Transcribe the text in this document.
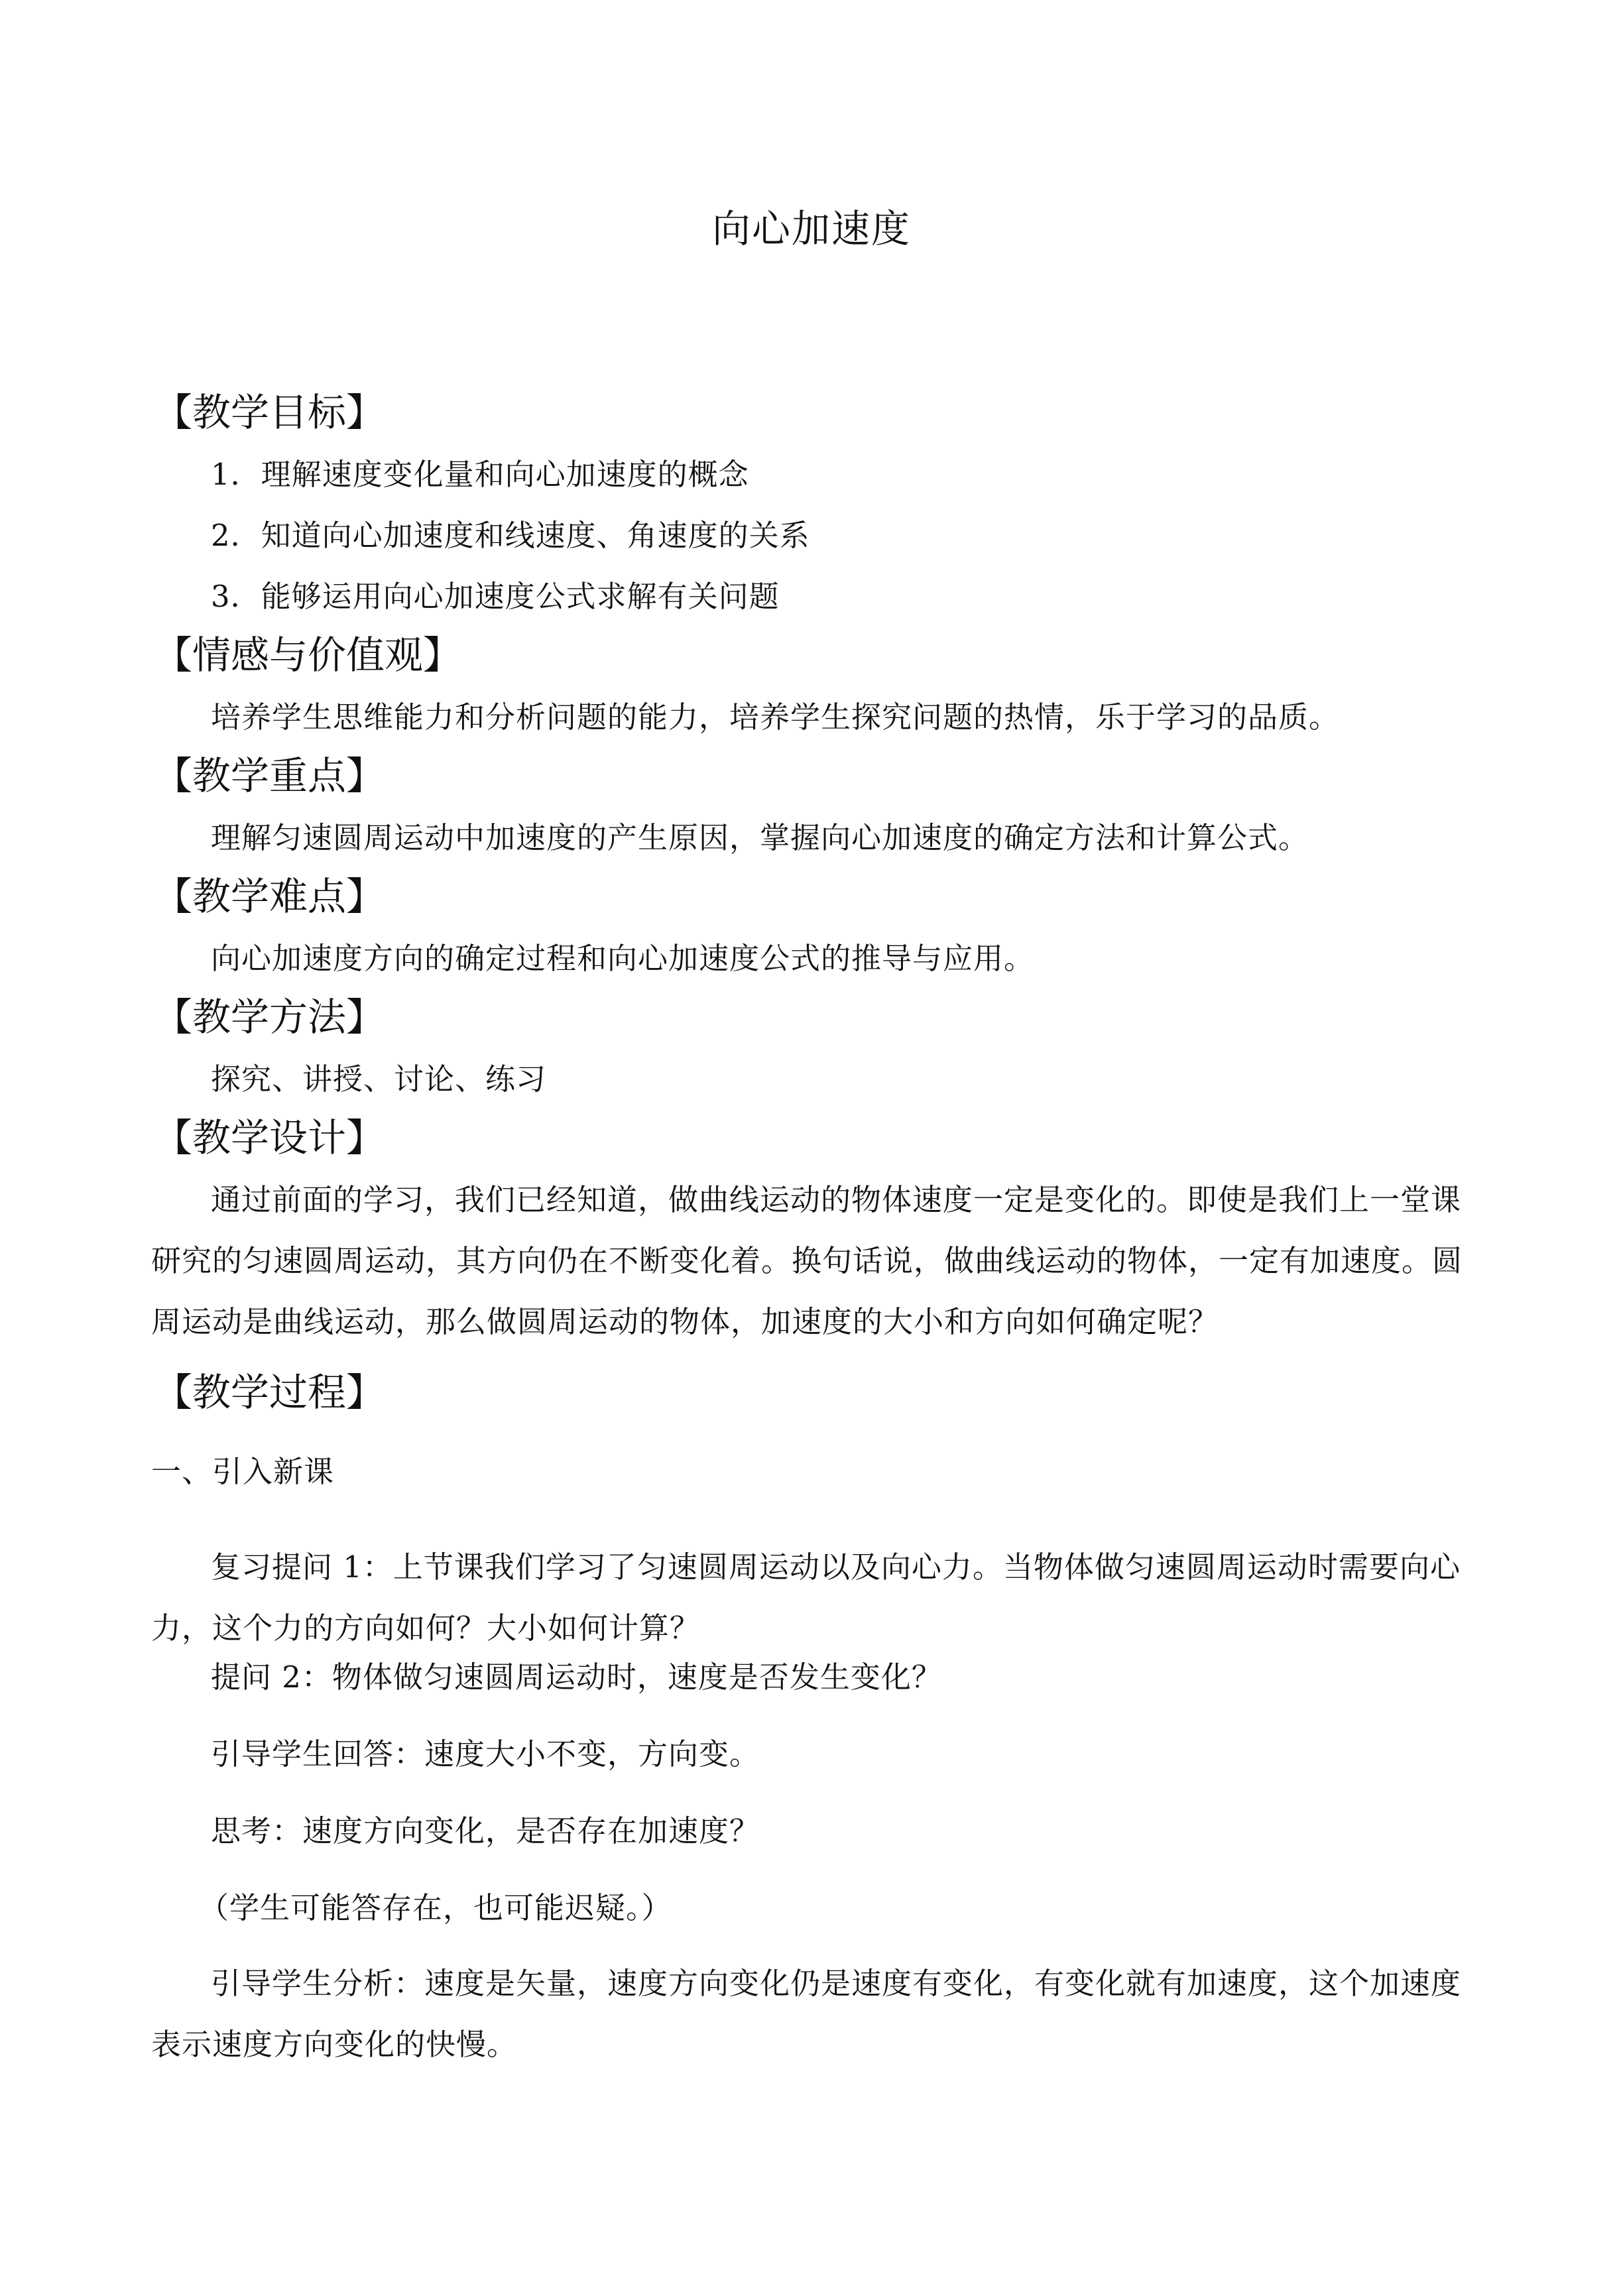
向心加速度
【教学目标】
1．理解速度变化量和向心加速度的概念
2．知道向心加速度和线速度、角速度的关系
3．能够运用向心加速度公式求解有关问题
【情感与价值观】
培养学生思维能力和分析问题的能力，培养学生探究问题的热情，乐于学习的品质。
【教学重点】
理解匀速圆周运动中加速度的产生原因，掌握向心加速度的确定方法和计算公式。
【教学难点】
向心加速度方向的确定过程和向心加速度公式的推导与应用。
【教学方法】
探究、讲授、讨论、练习
【教学设计】
通过前面的学习，我们已经知道，做曲线运动的物体速度一定是变化的。即使是我们上一堂课研究的匀速圆周运动，其方向仍在不断变化着。换句话说，做曲线运动的物体，一定有加速度。圆周运动是曲线运动，那么做圆周运动的物体，加速度的大小和方向如何确定呢？
【教学过程】
一、引入新课
复习提问 1：上节课我们学习了匀速圆周运动以及向心力。当物体做匀速圆周运动时需要向心力，这个力的方向如何？大小如何计算？
提问 2：物体做匀速圆周运动时，速度是否发生变化？
引导学生回答：速度大小不变，方向变。
思考：速度方向变化，是否存在加速度？
（学生可能答存在，也可能迟疑。）
引导学生分析：速度是矢量，速度方向变化仍是速度有变化，有变化就有加速度，这个加速度表示速度方向变化的快慢。
